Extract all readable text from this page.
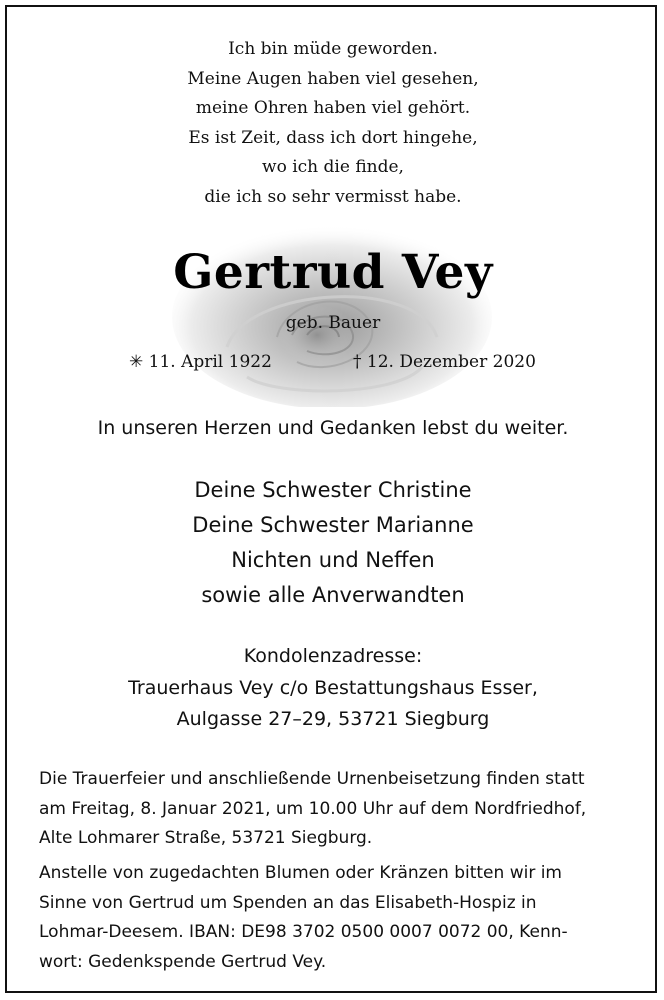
Ich bin müde geworden.
Meine Augen haben viel gesehen,
meine Ohren haben viel gehört.
Es ist Zeit, dass ich dort hingehe,
wo ich die finde,
die ich so sehr vermisst habe.
Gertrud Vey
geb. Bauer
✳ 11. April 1922	† 12. Dezember 2020
In unseren Herzen und Gedanken lebst du weiter.
Deine Schwester Christine
Deine Schwester Marianne
Nichten und Neffen
sowie alle Anverwandten
Kondolenzadresse:
Trauerhaus Vey c/o Bestattungshaus Esser,
Aulgasse 27–29, 53721 Siegburg
Die Trauerfeier und anschließende Urnenbeisetzung finden statt
am Freitag, 8. Januar 2021, um 10.00 Uhr auf dem Nordfriedhof,
Alte Lohmarer Straße, 53721 Siegburg.
Anstelle von zugedachten Blumen oder Kränzen bitten wir im
Sinne von Gertrud um Spenden an das Elisabeth-Hospiz in
Lohmar-Deesem. IBAN: DE98 3702 0500 0007 0072 00, Kenn-
wort: Gedenkspende Gertrud Vey.
